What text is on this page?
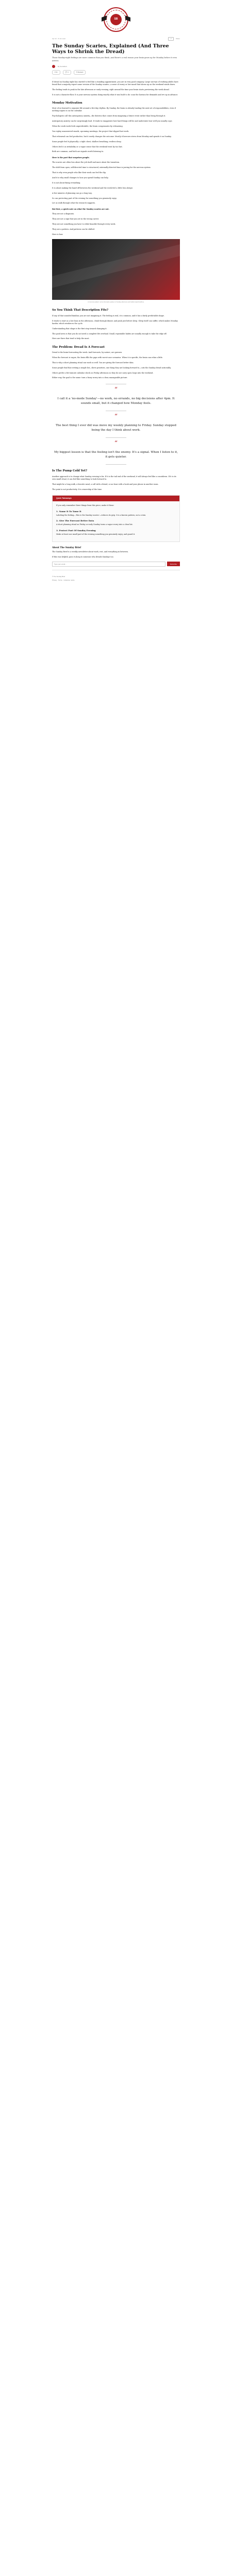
SB
Apr 12 · 8 min read	↗	Share
The Sunday Scaries, Explained (And Three Ways to Shrink the Dread)

Those Sunday-night feelings are more common than you think—and there's a real reason your brain gears up for Monday before it even arrives.

By the Editors
♥ 31	💬 4	⟲ Restack

If dread on Sunday night has started to feel like a standing appointment, you are in very good company. Large surveys of working adults have found that a majority report some version of the Sunday scaries—a wave of worry or low mood that shows up as the weekend winds down.

The feeling tends to peak in the late afternoon or early evening, right around the time your brain starts previewing the week ahead.

It is not a character flaw. It is your nervous system doing exactly what it was built to do: scan the horizon for demands and rev up in advance.

Monday Motivation

Most of us learned to organize life around a five-day rhythm. By Sunday, the brain is already loading the next set of responsibilities, even if nothing urgent is on the calendar.

Psychologists call this anticipatory anxiety—the distress that comes from imagining a future event rather than living through it.

Anticipatory anxiety can be surprisingly loud. It tends to exaggerate how hard things will be and understate how well you usually cope.

When the work week feels unpredictable, the brain compensates by rehearsing.

You replay unanswered emails, upcoming meetings, the project that slipped last week.

That rehearsal can feel productive, but it rarely changes the outcome. Mostly it borrows stress from Monday and spends it on Sunday.

Some people feel it physically: a tight chest, shallow breathing, restless sleep.

Others feel it as irritability or a vague sense that the weekend went by too fast.

Both are common, and both are signals worth listening to.

Here is the part that surprises people.

The scaries are often less about the job itself and more about the transition.

The shift from open, self-directed time to structured, externally-directed time is jarring for the nervous system.

That is why even people who like their work can feel the dip.

And it is why small changes to how you spend Sunday can help.

It is not about fixing everything.

It is about making the hand-off between the weekend and the week feel a little less abrupt.

A few minutes of planning can go a long way.

So can protecting part of the evening for something you genuinely enjoy.

Let us walk through what the research suggests.

But first, a quick note on what the Sunday scaries are not.

They are not a diagnosis.

They are not a sign that you are in the wrong career.

They are not something you have to white-knuckle through every week.

They are a pattern. And patterns can be shifted.

Here is how.

A common pattern: worry that starts quietly on Sunday afternoon and builds toward bedtime.
So You Think That Description Fits?

If any of that sounded familiar, you are not imagining it. The feeling is real, it is common, and it has a fairly predictable shape.

It tends to start as a low hum in the afternoon, climb through dinner, and peak just before sleep. Sleep itself can suffer, which makes Monday harder, which reinforces the cycle.

Understanding that shape is the first step toward changing it.

The good news is that you do not need a complete life overhaul. Small, repeatable habits are usually enough to take the edge off.

Here are three that tend to help the most.

The Problem: Dread Is A Forecast

Dread is the brain forecasting the week. And forecasts, by nature, are guesses.

When the forecast is vague, the brain fills the gaps with worst-case scenarios. When it is specific, the brain can relax a little.

This is why a short planning ritual can work so well. You are giving the forecast better data.

Some people find that writing a simple list—three priorities, one thing they are looking forward to—cuts the Sunday dread noticeably.

Others prefer a five-minute calendar check on Friday afternoon so they do not carry open loops into the weekend.

Either way, the goal is the same: turn a fuzzy worry into a clear, manageable picture.

“
I call it a 'no-mode Sunday'—no work, no errands, no big decisions after 4pm. It sounds small, but it changed how Monday feels.
“
The best thing I ever did was move my weekly planning to Friday. Sunday stopped being the day I think about work.
“
My biggest lesson is that the feeling isn't the enemy. It's a signal. When I listen to it, it gets quieter.
Is The Pump Cold Yet?

Another approach is to change what Sunday evening is for. If it is the tail end of the weekend, it will always feel like a countdown. If it is its own small ritual, it can feel like something to look forward to.

That might be a long walk, a favorite meal, a call with a friend, or an hour with a book and your phone in another room.

The point is not productivity. It is ownership of the time.

Quick Takeaways

If you only remember three things from this piece, make it these:

1. Name It To Tame It

Labeling the feeling—'this is the Sunday scaries'—reduces its grip. It is a known pattern, not a crisis.

2. Give The Forecast Better Data

A short planning ritual on Friday or early Sunday turns a vague worry into a clear list.

3. Protect Part Of Sunday Evening

Make at least one small part of the evening something you genuinely enjoy, and guard it.

About The Sunday Brief

The Sunday Brief is a weekly newsletter about work, rest, and everything in between.

If this was helpful, pass it along to someone who dreads Sundays too.

Type your email...
Subscribe
© The Sunday Brief
Privacy · Terms · Collection notice
